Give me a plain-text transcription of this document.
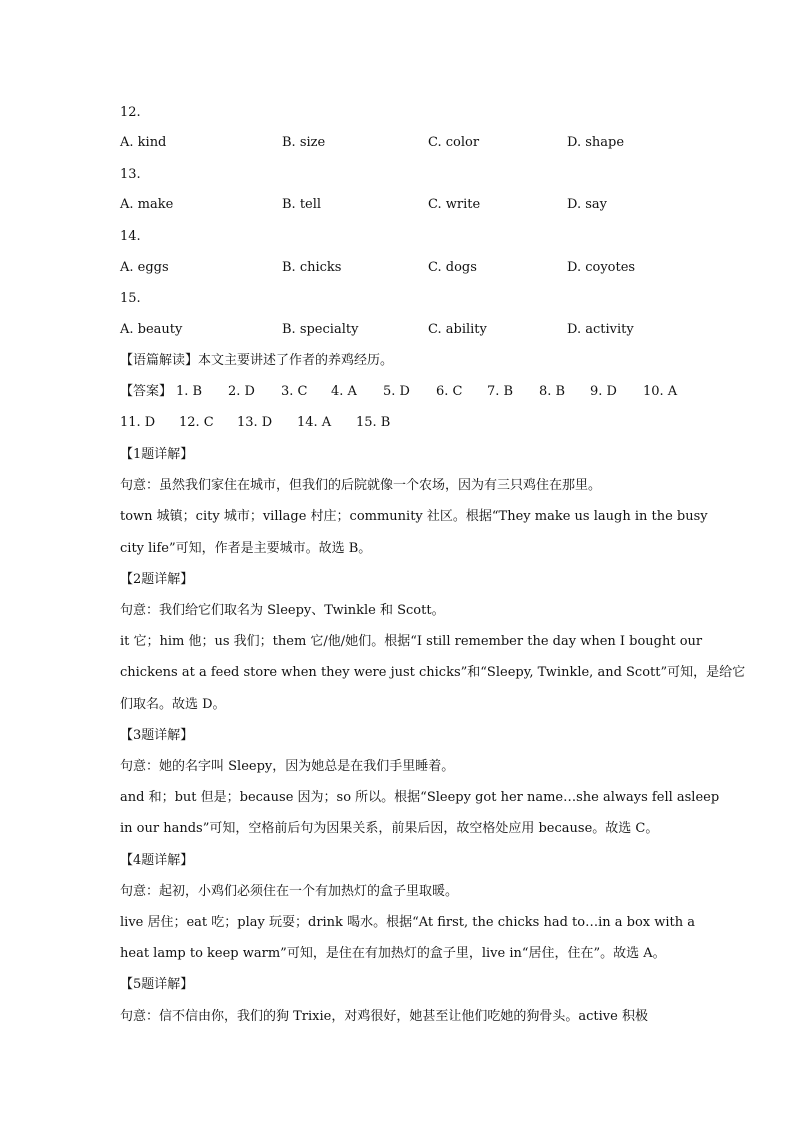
12.
A. kind	B. size	C. color	D. shape
13.
A. make	B. tell	C. write	D. say
14.
A. eggs	B. chicks	C. dogs	D. coyotes
15.
A. beauty	B. specialty	C. ability	D. activity
【语篇解读】本文主要讲述了作者的养鸡经历。
【答案】 1. B 2. D 3. C 4. A 5. D 6. C 7. B 8. B 9. D 10. A
11. D 12. C 13. D 14. A 15. B
【1题详解】
句意：虽然我们家住在城市，但我们的后院就像一个农场，因为有三只鸡住在那里。
town 城镇；city 城市；village 村庄；community 社区。根据“They make us laugh in the busy
city life”可知，作者是主要城市。故选 B。
【2题详解】
句意：我们给它们取名为 Sleepy、Twinkle 和 Scott。
it 它；him 他；us 我们；them 它/他/她们。根据“I still remember the day when I bought our
chickens at a feed store when they were just chicks”和“Sleepy, Twinkle, and Scott”可知，是给它
们取名。故选 D。
【3题详解】
句意：她的名字叫 Sleepy，因为她总是在我们手里睡着。
and 和；but 但是；because 因为；so 所以。根据“Sleepy got her name…she always fell asleep
in our hands”可知，空格前后句为因果关系，前果后因，故空格处应用 because。故选 C。
【4题详解】
句意：起初，小鸡们必须住在一个有加热灯的盒子里取暖。
live 居住；eat 吃；play 玩耍；drink 喝水。根据“At first, the chicks had to…in a box with a
heat lamp to keep warm”可知，是住在有加热灯的盒子里，live in“居住，住在”。故选 A。
【5题详解】
句意：信不信由你，我们的狗 Trixie，对鸡很好，她甚至让他们吃她的狗骨头。active 积极
